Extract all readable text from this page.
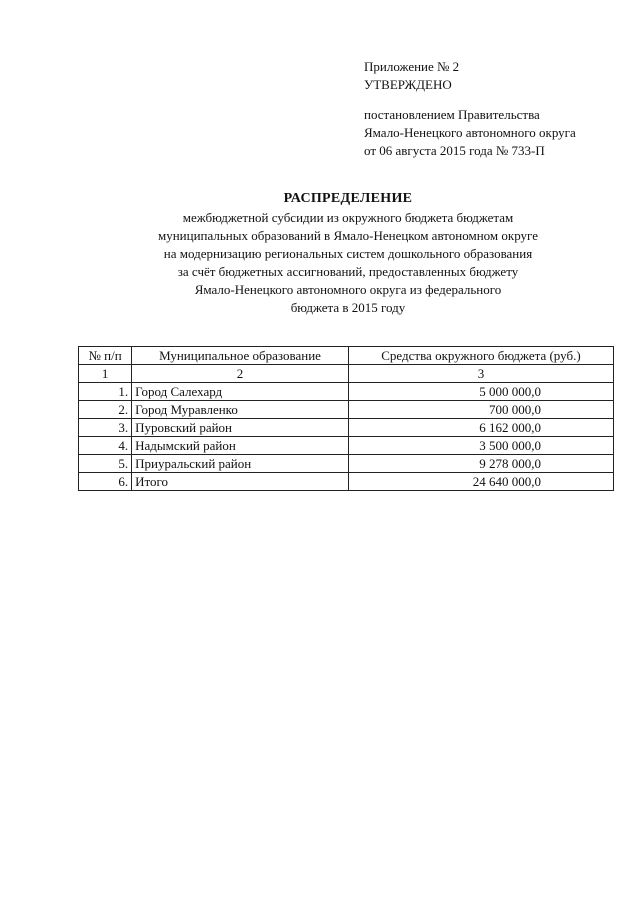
Приложение № 2
УТВЕРЖДЕНО
постановлением Правительства
Ямало-Ненецкого автономного округа
от 06 августа 2015 года № 733-П
РАСПРЕДЕЛЕНИЕ
межбюджетной субсидии из окружного бюджета бюджетам
муниципальных образований в Ямало-Ненецком автономном округе
на модернизацию региональных систем дошкольного образования
за счёт бюджетных ассигнований, предоставленных бюджету
Ямало-Ненецкого автономного округа из федерального
бюджета в 2015 году
№ п/п	Муниципальное образование	Средства окружного бюджета (руб.)
1	2	3
1.	Город Салехард	5 000 000,0
2.	Город Муравленко	700 000,0
3.	Пуровский район	6 162 000,0
4.	Надымский район	3 500 000,0
5.	Приуральский район	9 278 000,0
6.	Итого	24 640 000,0
